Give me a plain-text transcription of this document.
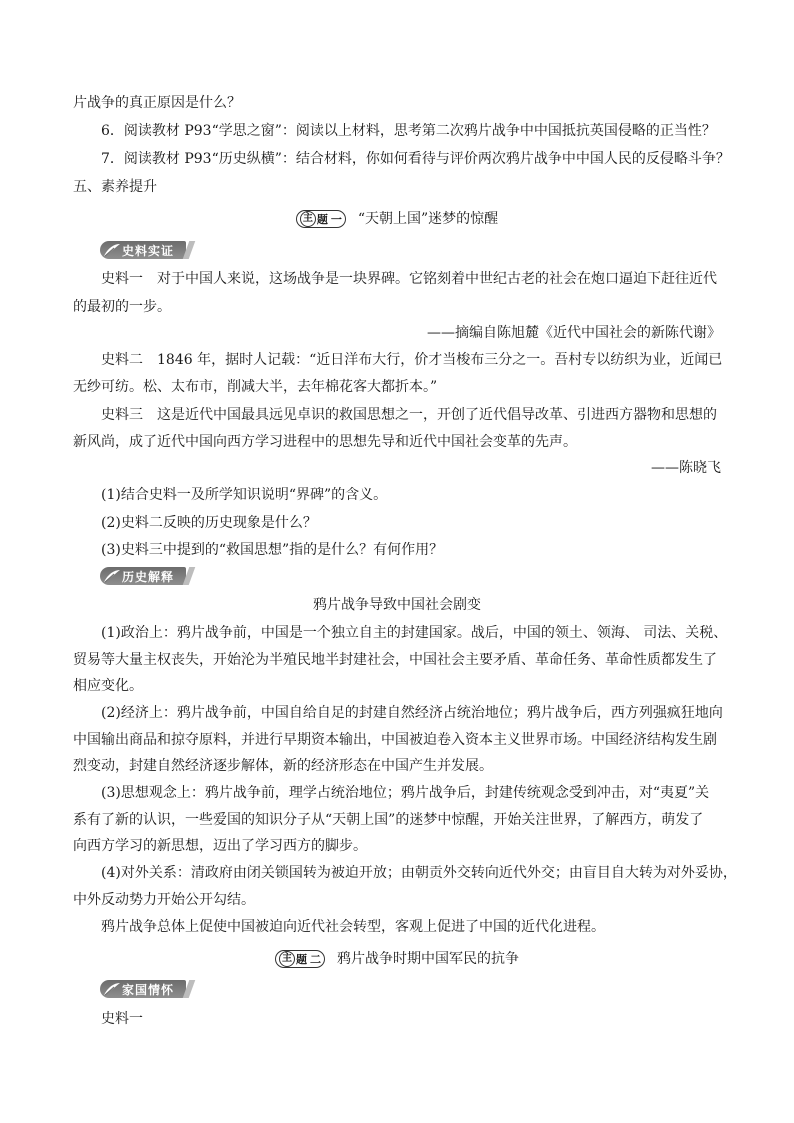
片战争的真正原因是什么？
6．阅读教材 P93“学思之窗”：阅读以上材料，思考第二次鸦片战争中中国抵抗英国侵略的正当性？
7．阅读教材 P93“历史纵横”：结合材料，你如何看待与评价两次鸦片战争中中国人民的反侵略斗争？
五、素养提升
主 题 一 “天朝上国”迷梦的惊醒
史料实证
史料一　对于中国人来说，这场战争是一块界碑。它铭刻着中世纪古老的社会在炮口逼迫下赶往近代
的最初的一步。
——摘编自陈旭麓《近代中国社会的新陈代谢》
史料二　1846 年，据时人记载：“近日洋布大行，价才当梭布三分之一。吾村专以纺织为业，近闻已
无纱可纺。松、太布市，削减大半，去年棉花客大都折本。”
史料三　这是近代中国最具远见卓识的救国思想之一，开创了近代倡导改革、引进西方器物和思想的
新风尚，成了近代中国向西方学习进程中的思想先导和近代中国社会变革的先声。
——陈晓飞
(1)结合史料一及所学知识说明“界碑”的含义。
(2)史料二反映的历史现象是什么？
(3)史料三中提到的“救国思想”指的是什么？有何作用？
历史解释
鸦片战争导致中国社会剧变
(1)政治上：鸦片战争前，中国是一个独立自主的封建国家。战后，中国的领土、领海、 司法、关税、
贸易等大量主权丧失，开始沦为半殖民地半封建社会，中国社会主要矛盾、革命任务、革命性质都发生了
相应变化。
(2)经济上：鸦片战争前，中国自给自足的封建自然经济占统治地位；鸦片战争后，西方列强疯狂地向
中国输出商品和掠夺原料，并进行早期资本输出，中国被迫卷入资本主义世界市场。中国经济结构发生剧
烈变动，封建自然经济逐步解体，新的经济形态在中国产生并发展。
(3)思想观念上：鸦片战争前，理学占统治地位；鸦片战争后，封建传统观念受到冲击，对“夷夏”关
系有了新的认识，一些爱国的知识分子从“天朝上国”的迷梦中惊醒，开始关注世界，了解西方，萌发了
向西方学习的新思想，迈出了学习西方的脚步。
(4)对外关系：清政府由闭关锁国转为被迫开放；由朝贡外交转向近代外交；由盲目自大转为对外妥协，
中外反动势力开始公开勾结。
鸦片战争总体上促使中国被迫向近代社会转型，客观上促进了中国的近代化进程。
主 题 二 鸦片战争时期中国军民的抗争
家国情怀
史料一
